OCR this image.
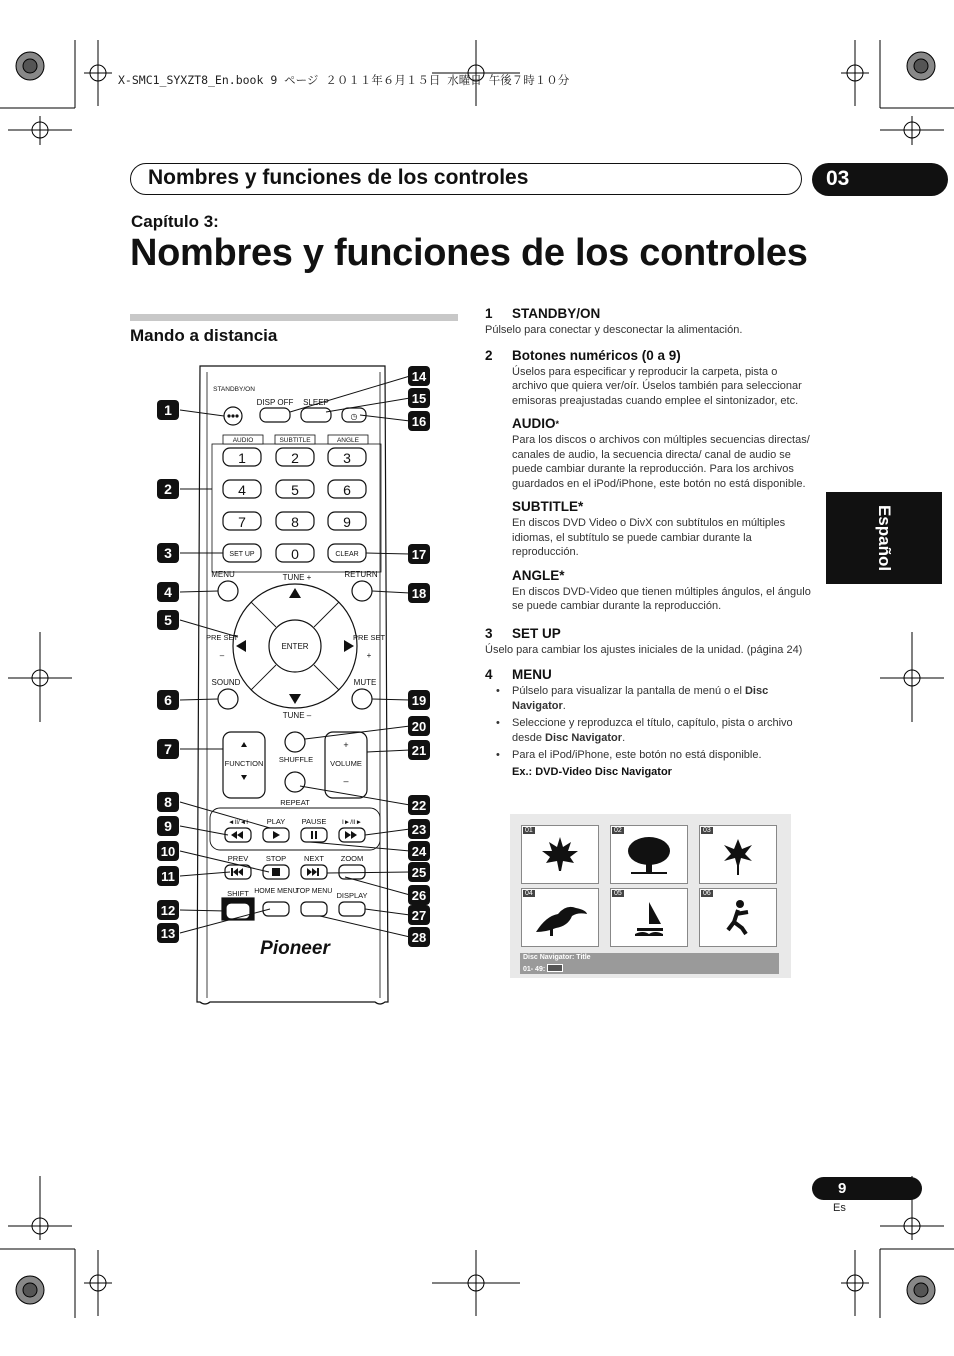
X-SMC1_SYXZT8_En.book 9 ページ ２０１１年６月１５日 水曜日 午後７時１０分
Nombres y funciones de los controles	03
Capítulo 3:
Nombres y funciones de los controles
Mando a distancia
Español
STANDBY/ON
DISP OFF SLEEP
◷
AUDIO	SUBTITLE	ANGLE
1	2	3
4	5	6
7	8	9
SET UP	0	CLEAR
MENU	RETURN
TUNE +
ENTER
PRE SET
–
PRE SET
+
SOUND	MUTE
TUNE –
FUNCTION SHUFFLE VOLUME
+
–
REPEAT
◄II/◄I PLAY PAUSE I►/II►
PREV STOP NEXT ZOOM
SHIFT HOME MENU
TOP MENU DISPLAY
Pioneer
1
2
3
4
5
6
7
8
9
10
11
12
13
14
15
16
17
18
19
20
21
22
23
24
25
26
27
28

1 STANDBY/ON

Púlselo para conectar y desconectar la alimentación.

2 Botones numéricos (0 a 9)

Úselos para especificar y reproducir la carpeta, pista o archivo que quiera ver/oír. Úselos también para seleccionar emisoras preajustadas cuando emplee el sintonizador, etc.

AUDIO*

Para los discos o archivos con múltiples secuencias directas/ canales de audio, la secuencia directa/ canal de audio se puede cambiar durante la reproducción. Para los archivos guardados en el iPod/iPhone, este botón no está disponible.

SUBTITLE*

En discos DVD Video o DivX con subtítulos en múltiples idiomas, el subtítulo se puede cambiar durante la reproducción.

ANGLE*

En discos DVD-Video que tienen múltiples ángulos, el ángulo se puede cambiar durante la reproducción.

3 SET UP

Úselo para cambiar los ajustes iniciales de la unidad. (página 24)

4 MENU

• Púlselo para visualizar la pantalla de menú o el Disc Navigator.
• Seleccione y reproduzca el título, capítulo, pista o archivo desde Disc Navigator.
• Para el iPod/iPhone, este botón no está disponible.

Ex.: DVD-Video Disc Navigator

01	02	03
04	05	06
Disc Navigator: Title
01- 49:
9
Es
